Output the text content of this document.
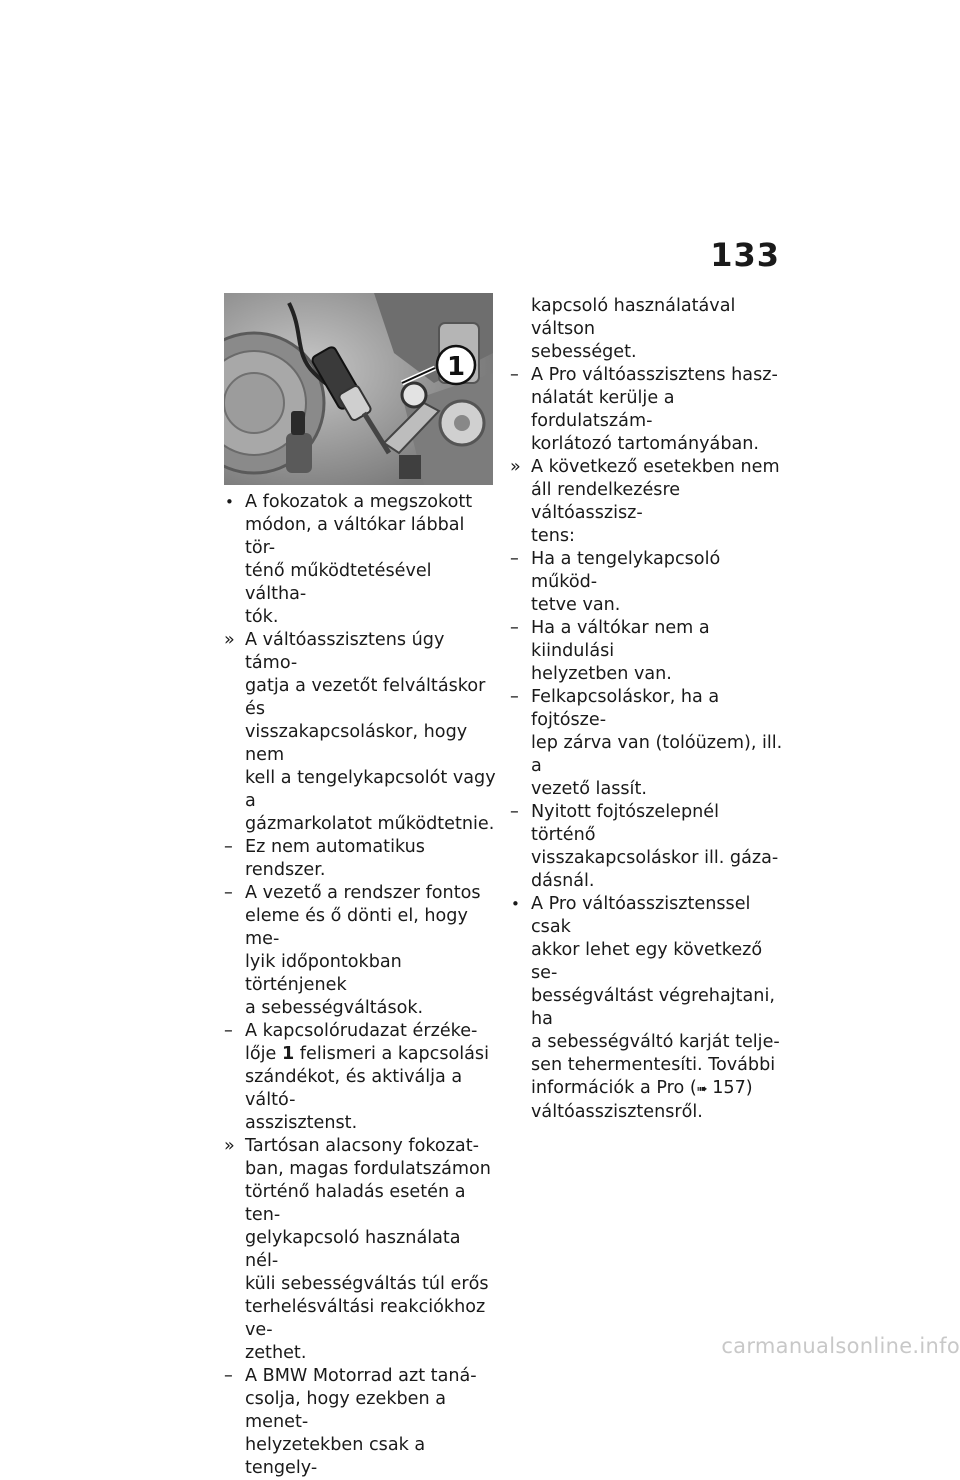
133
1
• A fokozatok a megszokott
módon, a váltókar lábbal tör-
ténő működtetésével váltha-
tók.
» A váltóasszisztens úgy támo-
gatja a vezetőt felváltáskor és
visszakapcsoláskor, hogy nem
kell a tengelykapcsolót vagy a
gázmarkolatot működtetnie.
– Ez nem automatikus rendszer.
– A vezető a rendszer fontos
eleme és ő dönti el, hogy me-
lyik időpontokban történjenek
a sebességváltások.
– A kapcsolórudazat érzéke-
lője 1 felismeri a kapcsolási
szándékot, és aktiválja a váltó-
asszisztenst.
» Tartósan alacsony fokozat-
ban, magas fordulatszámon
történő haladás esetén a ten-
gelykapcsoló használata nél-
küli sebességváltás túl erős
terhelésváltási reakciókhoz ve-
zethet.
– A BMW Motorrad azt taná-
csolja, hogy ezekben a menet-
helyzetekben csak a tengely-
kapcsoló használatával váltson
sebességet.
– A Pro váltóasszisztens hasz-
nálatát kerülje a fordulatszám-
korlátozó tartományában.
» A következő esetekben nem
áll rendelkezésre váltóasszisz-
tens:
– Ha a tengelykapcsoló működ-
tetve van.
– Ha a váltókar nem a kiindulási
helyzetben van.
– Felkapcsoláskor, ha a fojtósze-
lep zárva van (tolóüzem), ill. a
vezető lassít.
– Nyitott fojtószelepnél történő
visszakapcsoláskor ill. gáza-
dásnál.
• A Pro váltóasszisztenssel csak
akkor lehet egy következő se-
bességváltást végrehajtani, ha
a sebességváltó karját telje-
sen tehermentesíti. További
információk a Pro (➠ 157)
váltóasszisztensről.
carmanualsonline.info
